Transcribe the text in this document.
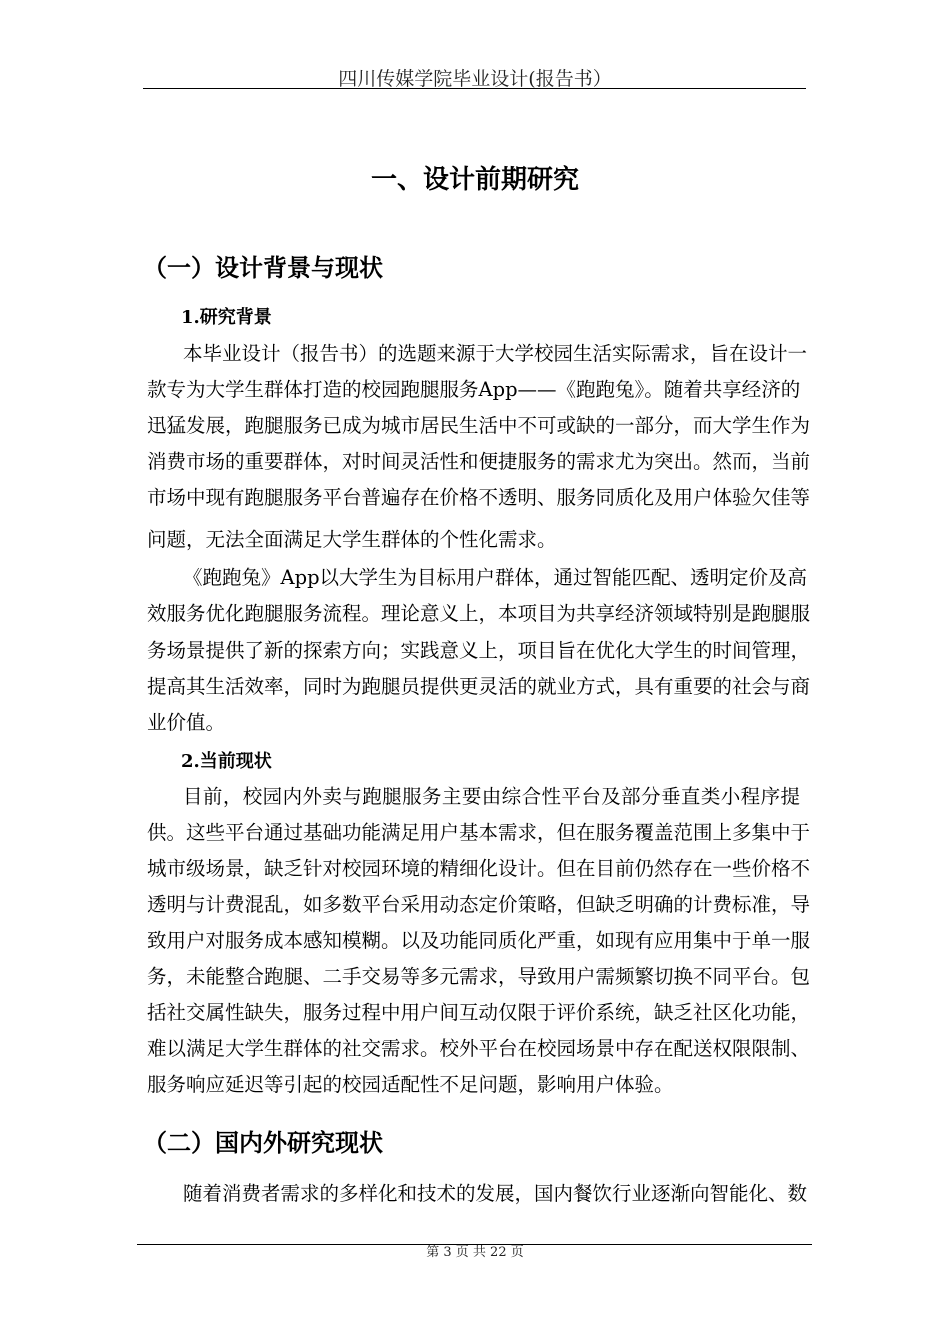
四川传媒学院毕业设计(报告书）
一、设计前期研究
（一）设计背景与现状
1.研究背景
2.当前现状
（二）国内外研究现状
本毕业设计（报告书）的选题来源于大学校园生活实际需求，旨在设计一
款专为大学生群体打造的校园跑腿服务App——《跑跑兔》。随着共享经济的
迅猛发展，跑腿服务已成为城市居民生活中不可或缺的一部分，而大学生作为
消费市场的重要群体，对时间灵活性和便捷服务的需求尤为突出。然而，当前
市场中现有跑腿服务平台普遍存在价格不透明、服务同质化及用户体验欠佳等
问题，无法全面满足大学生群体的个性化需求。
《跑跑兔》App以大学生为目标用户群体，通过智能匹配、透明定价及高
效服务优化跑腿服务流程。理论意义上，本项目为共享经济领域特别是跑腿服
务场景提供了新的探索方向；实践意义上，项目旨在优化大学生的时间管理，
提高其生活效率，同时为跑腿员提供更灵活的就业方式，具有重要的社会与商
业价值。
目前，校园内外卖与跑腿服务主要由综合性平台及部分垂直类小程序提
供。这些平台通过基础功能满足用户基本需求，但在服务覆盖范围上多集中于
城市级场景，缺乏针对校园环境的精细化设计。但在目前仍然存在一些价格不
透明与计费混乱，如多数平台采用动态定价策略，但缺乏明确的计费标准，导
致用户对服务成本感知模糊。以及功能同质化严重，如现有应用集中于单一服
务，未能整合跑腿、二手交易等多元需求，导致用户需频繁切换不同平台。包
括社交属性缺失，服务过程中用户间互动仅限于评价系统，缺乏社区化功能，
难以满足大学生群体的社交需求。校外平台在校园场景中存在配送权限限制、
服务响应延迟等引起的校园适配性不足问题，影响用户体验。
随着消费者需求的多样化和技术的发展，国内餐饮行业逐渐向智能化、数
第 3 页 共 22 页
